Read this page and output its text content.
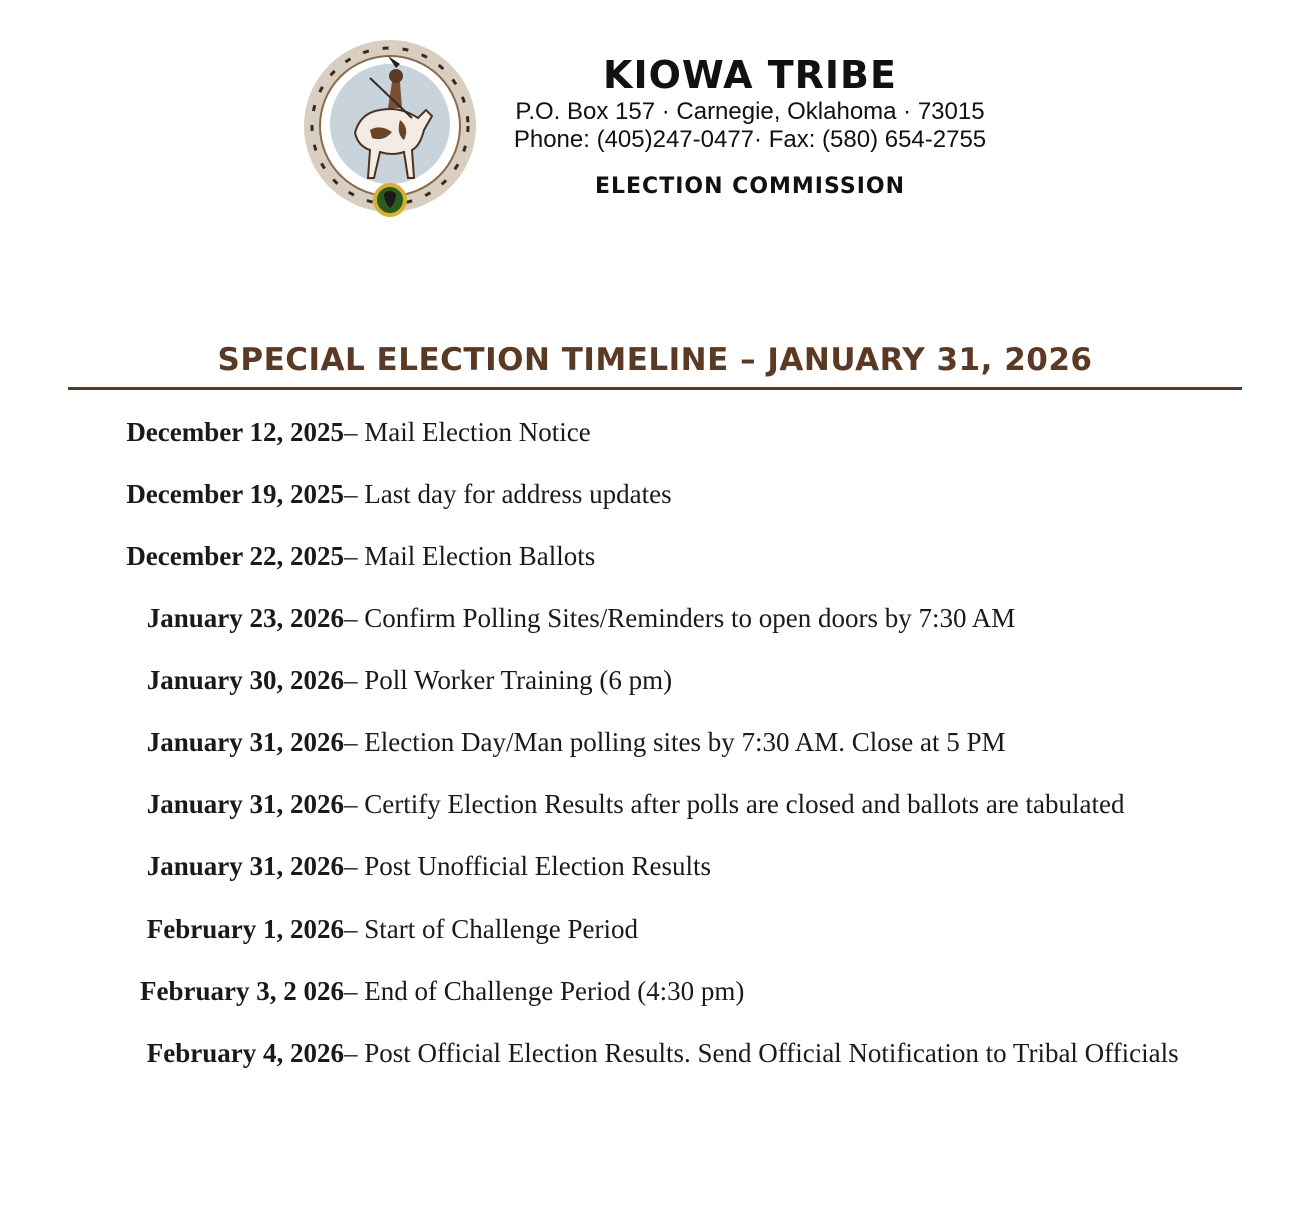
KIOWA TRIBE
P.O. Box 157 · Carnegie, Oklahoma · 73015
Phone: (405)247-0477· Fax: (580) 654-2755
ELECTION COMMISSION
SPECIAL ELECTION TIMELINE – JANUARY 31, 2026
December 12, 2025 – Mail Election Notice
December 19, 2025 – Last day for address updates
December 22, 2025 – Mail Election Ballots
January 23, 2026 – Confirm Polling Sites/Reminders to open doors by 7:30 AM
January 30, 2026 – Poll Worker Training (6 pm)
January 31, 2026 – Election Day/Man polling sites by 7:30 AM. Close at 5 PM
January 31, 2026 – Certify Election Results after polls are closed and ballots are tabulated
January 31, 2026 – Post Unofficial Election Results
February 1, 2026 – Start of Challenge Period
February 3, 2 026 – End of Challenge Period (4:30 pm)
February 4, 2026 – Post Official Election Results. Send Official Notification to Tribal Officials
